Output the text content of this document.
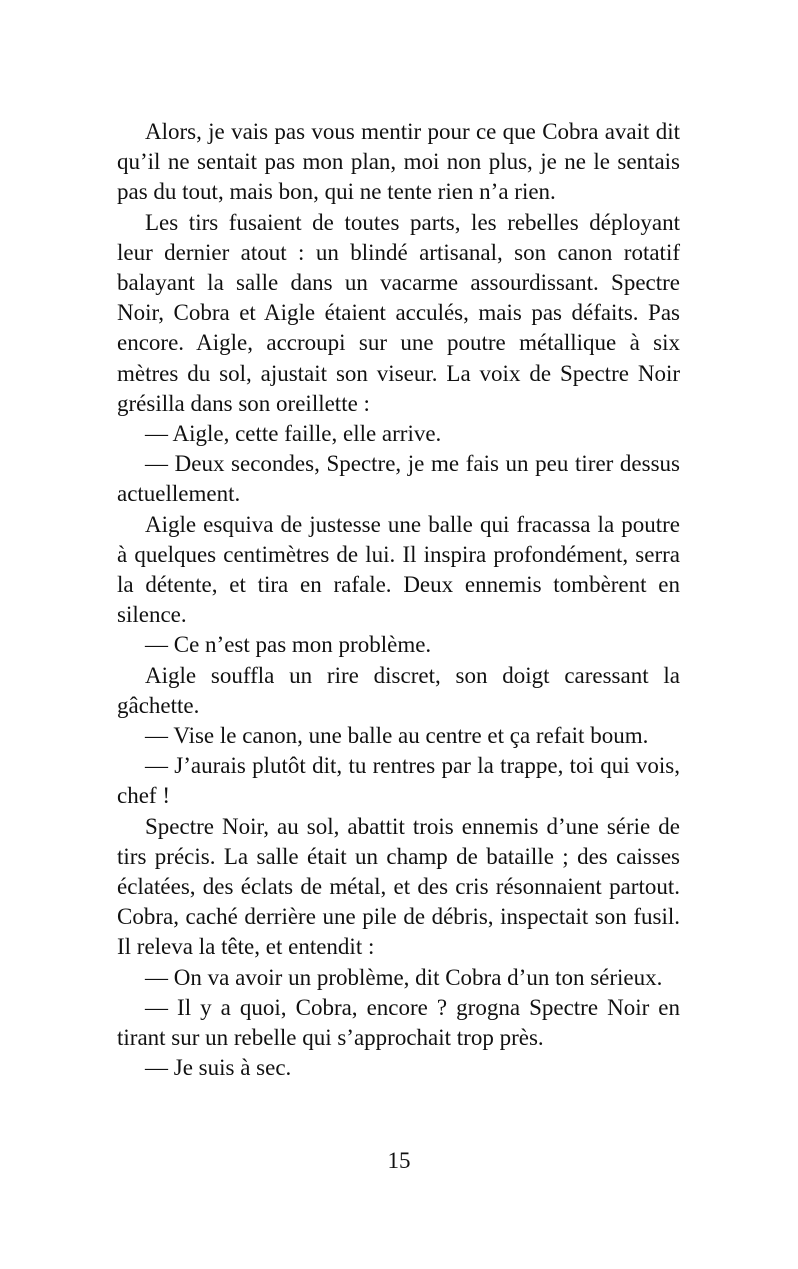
Alors, je vais pas vous mentir pour ce que Cobra avait dit qu’il ne sentait pas mon plan, moi non plus, je ne le sentais pas du tout, mais bon, qui ne tente rien n’a rien.

Les tirs fusaient de toutes parts, les rebelles déployant leur dernier atout : un blindé artisanal, son canon rotatif balayant la salle dans un vacarme assourdissant. Spectre Noir, Cobra et Aigle étaient acculés, mais pas défaits. Pas encore. Aigle, accroupi sur une poutre métallique à six mètres du sol, ajustait son viseur. La voix de Spectre Noir grésilla dans son oreillette :

— Aigle, cette faille, elle arrive.

— Deux secondes, Spectre, je me fais un peu tirer dessus actuellement.

Aigle esquiva de justesse une balle qui fracassa la poutre à quelques centimètres de lui. Il inspira profondément, serra la détente, et tira en rafale. Deux ennemis tombèrent en silence.

— Ce n’est pas mon problème.

Aigle souffla un rire discret, son doigt caressant la gâchette.

— Vise le canon, une balle au centre et ça refait boum.

— J’aurais plutôt dit, tu rentres par la trappe, toi qui vois, chef !

Spectre Noir, au sol, abattit trois ennemis d’une série de tirs précis. La salle était un champ de bataille ; des caisses éclatées, des éclats de métal, et des cris résonnaient partout. Cobra, caché derrière une pile de débris, inspectait son fusil. Il releva la tête, et entendit :

— On va avoir un problème, dit Cobra d’un ton sérieux.

— Il y a quoi, Cobra, encore ? grogna Spectre Noir en tirant sur un rebelle qui s’approchait trop près.

— Je suis à sec.

15
